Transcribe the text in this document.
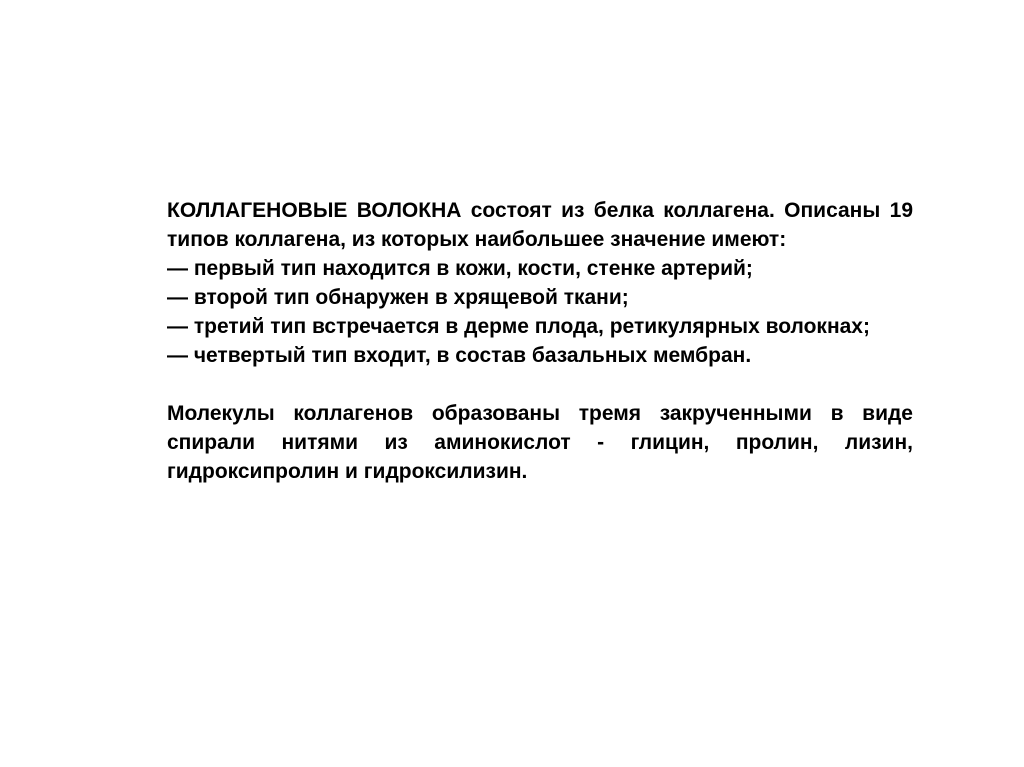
КОЛЛАГЕНОВЫЕ ВОЛОКНА состоят из белка коллагена. Описаны 19 типов коллагена, из которых наибольшее значение имеют:

— первый тип находится в кожи, кости, стенке артерий;

— второй тип обнаружен в хрящевой ткани;

— третий тип встречается в дерме плода, ретикулярных волокнах;

— четвертый тип входит, в состав базальных мембран.

Молекулы коллагенов образованы тремя закрученными в виде спирали нитями из аминокислот - глицин, пролин, лизин, гидроксипролин и гидроксилизин.
